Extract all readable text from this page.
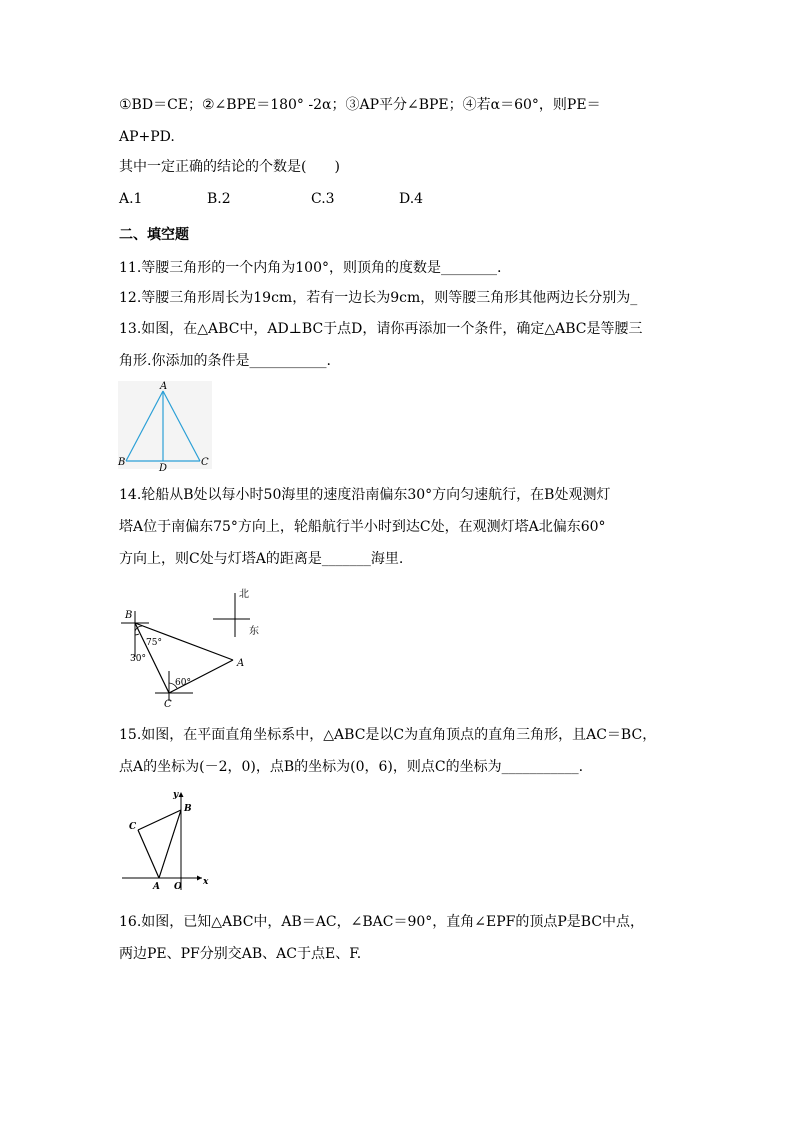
①BD＝CE；②∠BPE＝180° -2α；③AP平分∠BPE；④若α＝60°，则PE＝
AP+PD.
其中一定正确的结论的个数是(　　)
A.1	B.2	C.3	D.4
二、填空题
11.等腰三角形的一个内角为100°，则顶角的度数是________.
12.等腰三角形周长为19cm，若有一边长为9cm，则等腰三角形其他两边长分别为_
13.如图，在△ABC中，AD⊥BC于点D，请你再添加一个条件，确定△ABC是等腰三
角形.你添加的条件是___________.
A
B	C
D
14.轮船从B处以每小时50海里的速度沿南偏东30°方向匀速航行，在B处观测灯
塔A位于南偏东75°方向上，轮船航行半小时到达C处，在观测灯塔A北偏东60°
方向上，则C处与灯塔A的距离是_______海里.
北
东
B
A
C
75°
30°
60°
15.如图，在平面直角坐标系中，△ABC是以C为直角顶点的直角三角形，且AC＝BC，
点A的坐标为(－2，0)，点B的坐标为(0，6)，则点C的坐标为___________.
y
x
B
C
A O
16.如图，已知△ABC中，AB＝AC，∠BAC＝90°，直角∠EPF的顶点P是BC中点，
两边PE、PF分别交AB、AC于点E、F.
